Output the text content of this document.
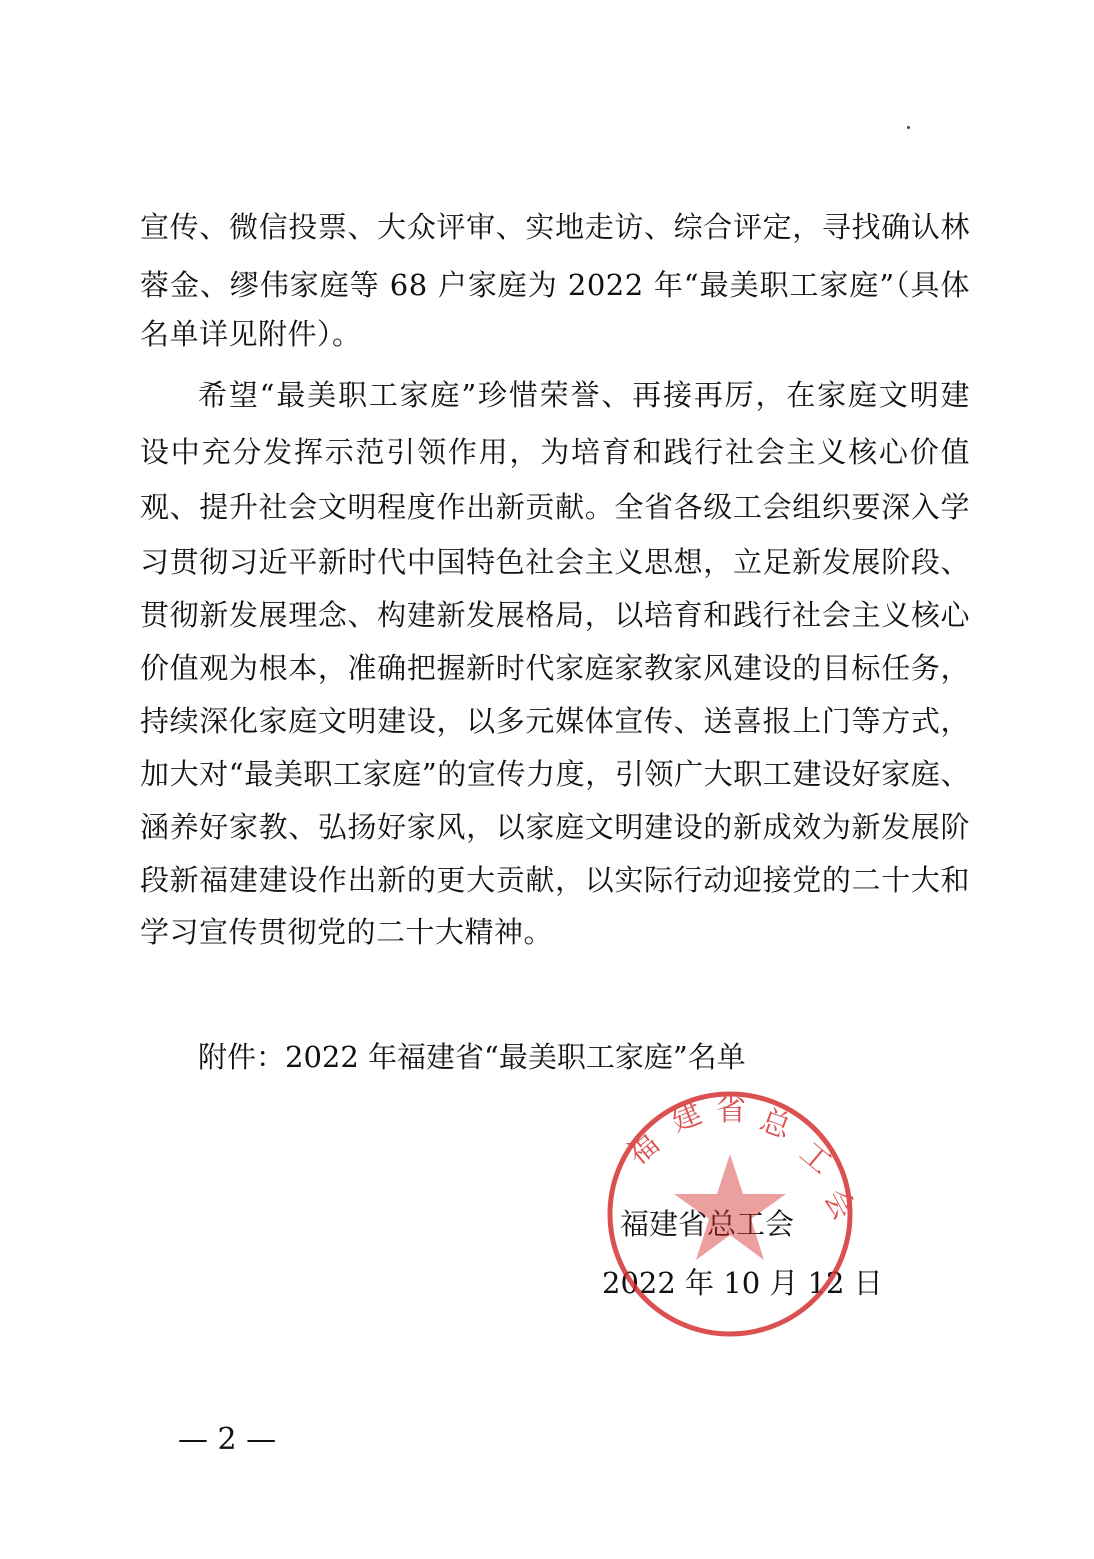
宣传、微信投票、大众评审、实地走访、综合评定，寻找确认林
蓉金、缪伟家庭等 68 户家庭为 2022 年“最美职工家庭”（具体
名单详见附件）。
希望“最美职工家庭”珍惜荣誉、再接再厉，在家庭文明建
设中充分发挥示范引领作用，为培育和践行社会主义核心价值
观、提升社会文明程度作出新贡献。全省各级工会组织要深入学
习贯彻习近平新时代中国特色社会主义思想，立足新发展阶段、
贯彻新发展理念、构建新发展格局，以培育和践行社会主义核心
价值观为根本，准确把握新时代家庭家教家风建设的目标任务，
持续深化家庭文明建设，以多元媒体宣传、送喜报上门等方式，
加大对“最美职工家庭”的宣传力度，引领广大职工建设好家庭、
涵养好家教、弘扬好家风，以家庭文明建设的新成效为新发展阶
段新福建建设作出新的更大贡献，以实际行动迎接党的二十大和
学习宣传贯彻党的二十大精神。
附件：2022 年福建省“最美职工家庭”名单
福
建 省 总
工
会
福建省总工会
2022 年 10 月 12 日
— 2 —
